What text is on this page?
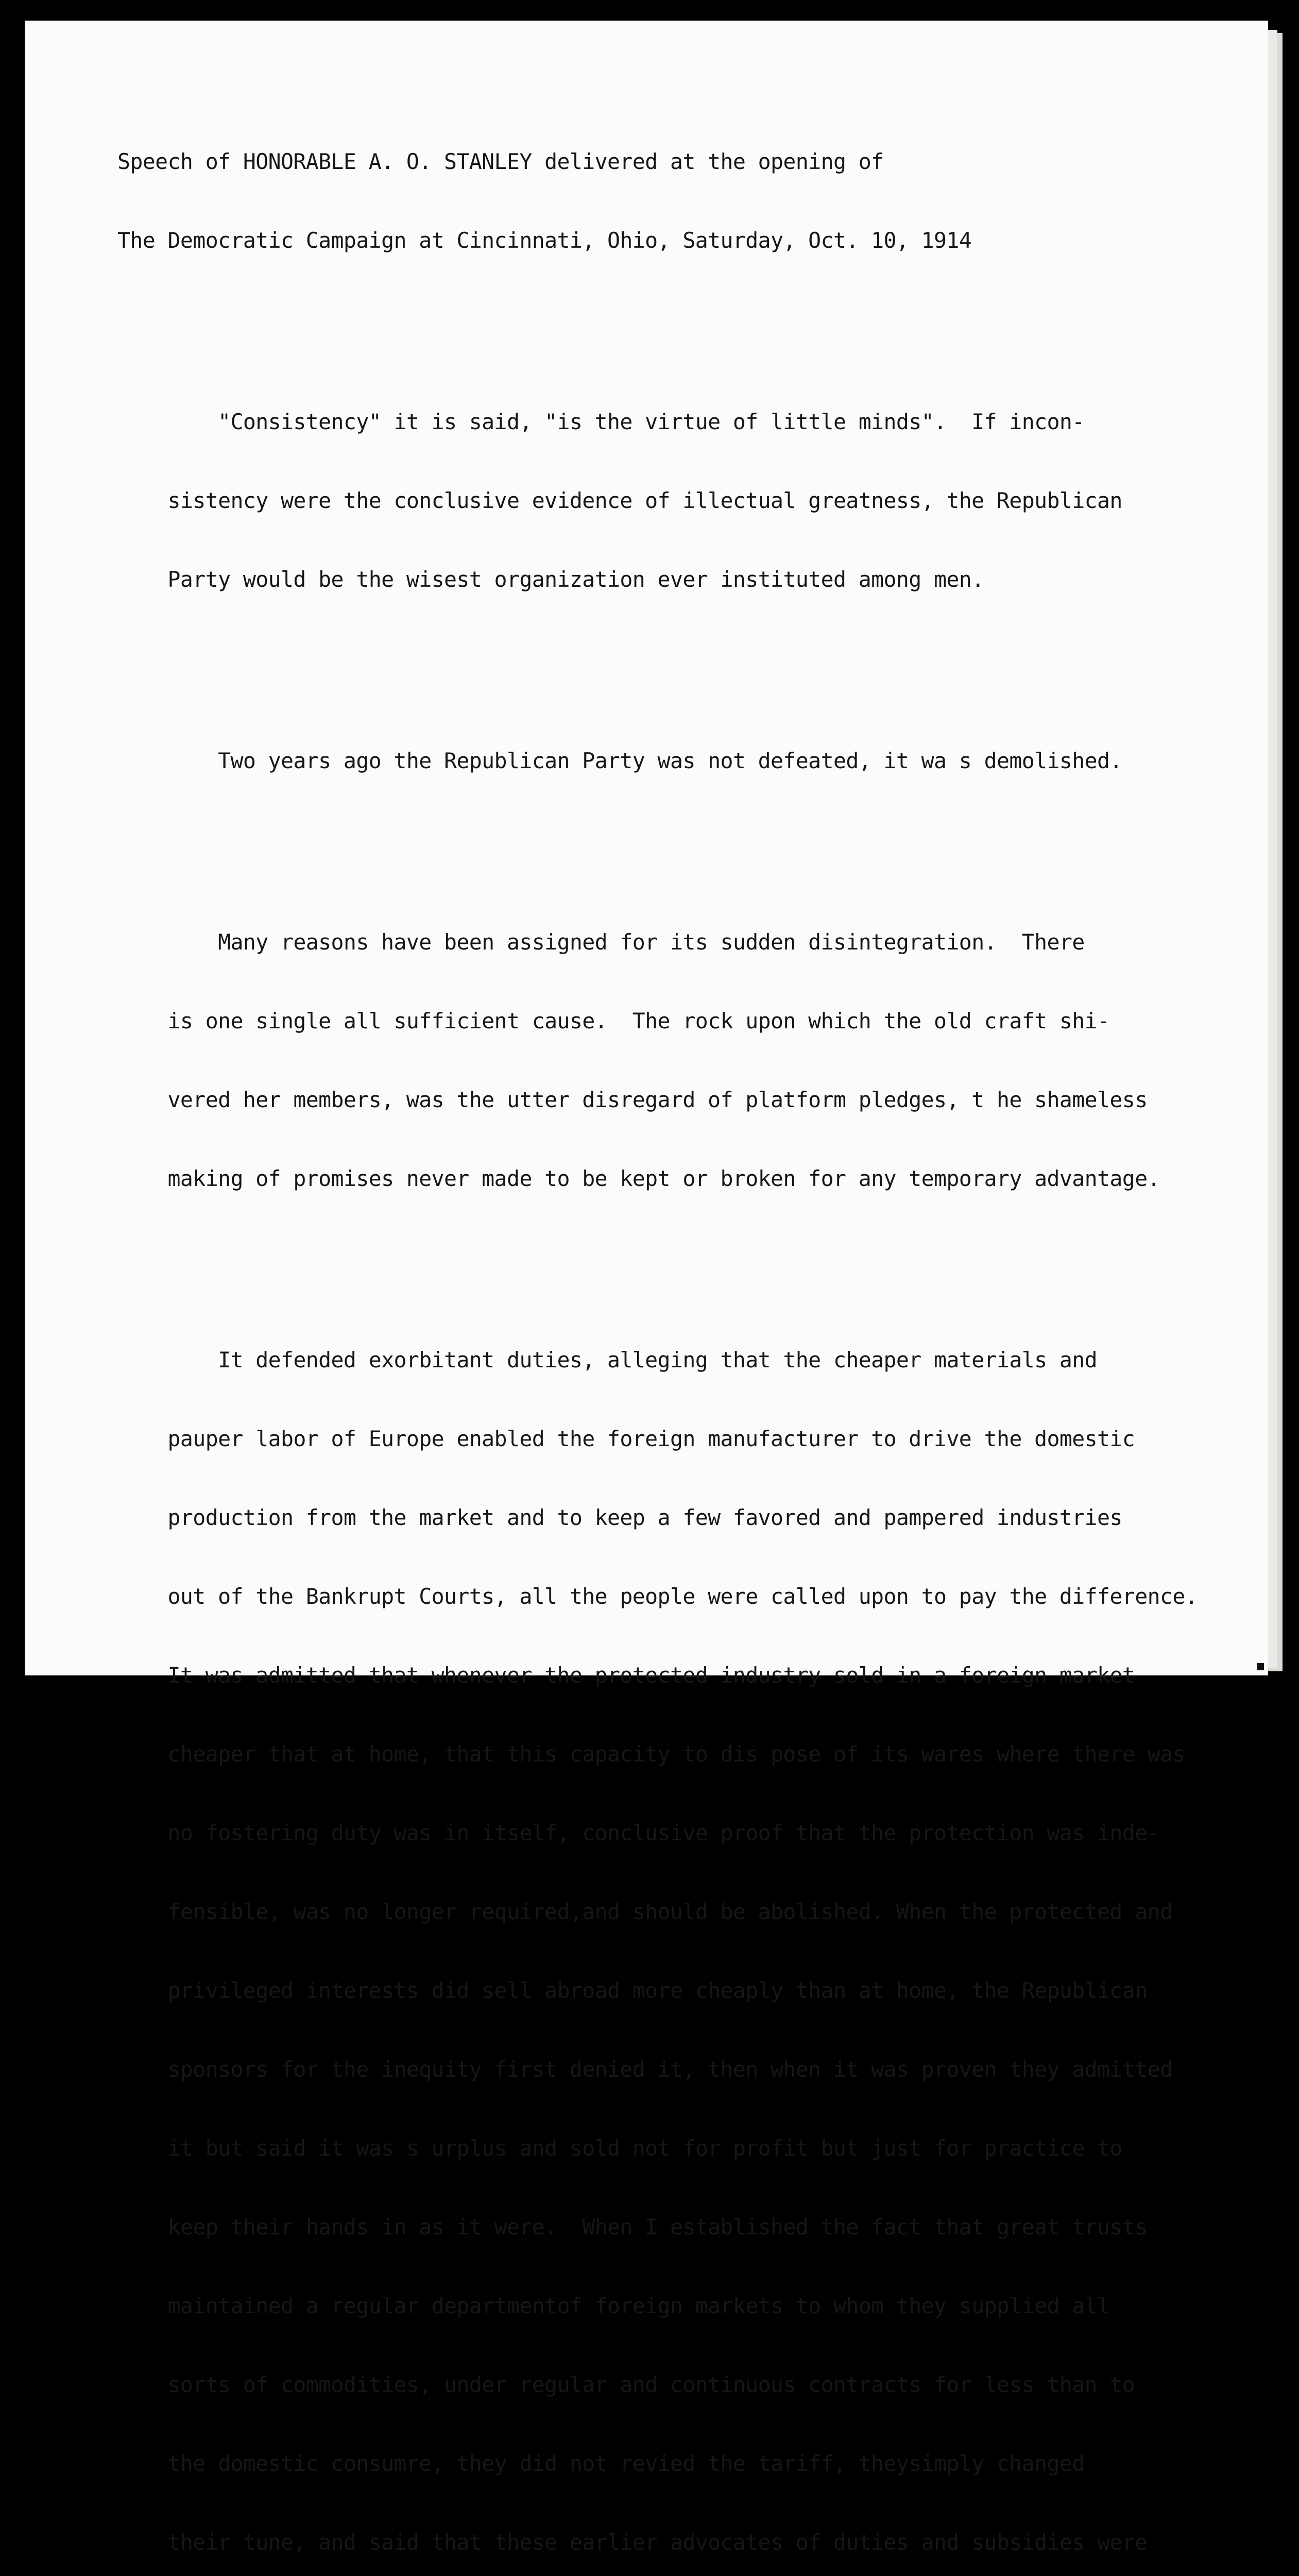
Speech of HONORABLE A. O. STANLEY delivered at the opening of

The Democratic Campaign at Cincinnati, Ohio, Saturday, Oct. 10, 1914

"Consistency" it is said, "is the virtue of little minds".  If incon-

sistency were the conclusive evidence of illectual greatness, the Republican

Party would be the wisest organization ever instituted among men.

Two years ago the Republican Party was not defeated, it wa s demolished.

Many reasons have been assigned for its sudden disintegration.  There

is one single all sufficient cause.  The rock upon which the old craft shi-

vered her members, was the utter disregard of platform pledges, t he shameless

making of promises never made to be kept or broken for any temporary advantage.

It defended exorbitant duties, alleging that the cheaper materials and

pauper labor of Europe enabled the foreign manufacturer to drive the domestic

production from the market and to keep a few favored and pampered industries

out of the Bankrupt Courts, all the people were called upon to pay the difference.

It was admitted that whenever the protected industry sold in a foreign market

cheaper that at home, that this capacity to dis pose of its wares where there was

no fostering duty was in itself, conclusive proof that the protection was inde-

fensible, was no longer required,and should be abolished. When the protected and

privileged interests did sell abroad more cheaply than at home, the Republican

sponsors for the inequity first denied it, then when it was proven they admitted

it but said it was s urplus and sold not for profit but just for practice to

keep their hands in as it were.  When I established the fact that great trusts

maintained a regular departmentof foreign markets to whom they supplied all

sorts of commodities, under regular and continuous contracts for less than to

the domestic consumre, they did not revied the tariff, theysimply changed

their tune, and said that these earlier advocates of duties and subsidies were
